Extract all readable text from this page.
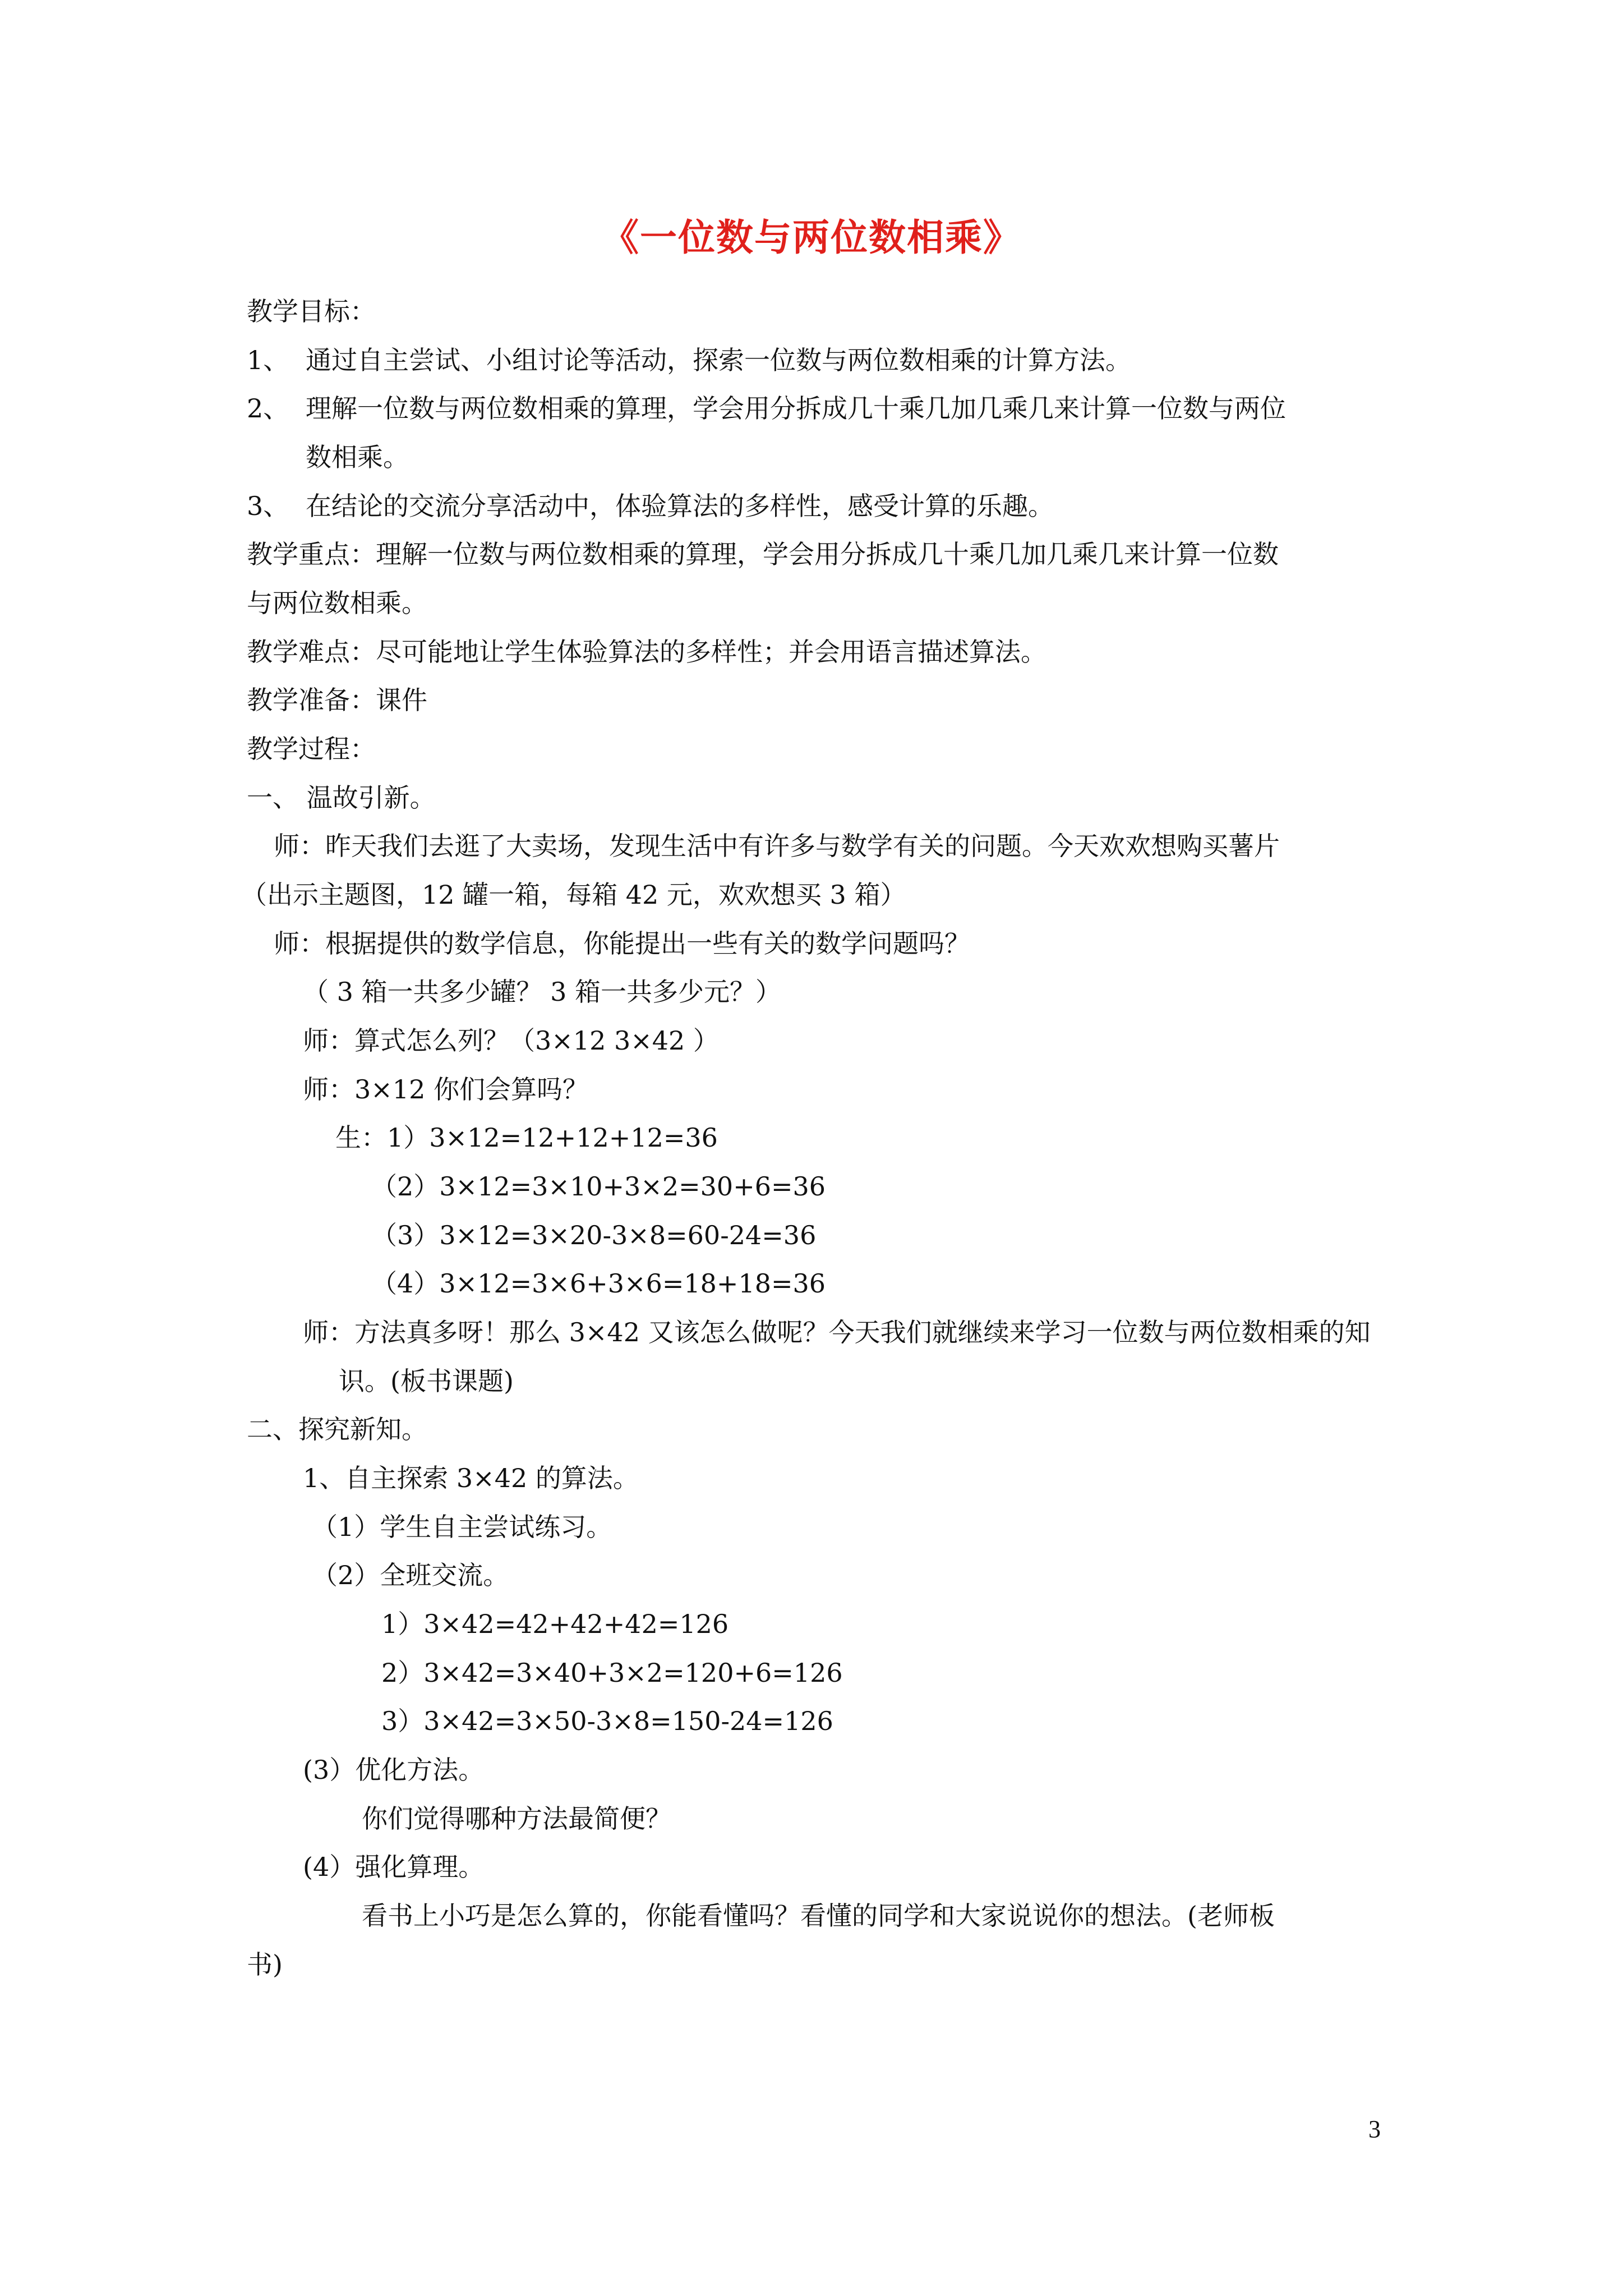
《一位数与两位数相乘》
教学目标：
1、 通过自主尝试、小组讨论等活动，探索一位数与两位数相乘的计算方法。
2、 理解一位数与两位数相乘的算理，学会用分拆成几十乘几加几乘几来计算一位数与两位
数相乘。
3、 在结论的交流分享活动中，体验算法的多样性，感受计算的乐趣。
教学重点：理解一位数与两位数相乘的算理，学会用分拆成几十乘几加几乘几来计算一位数
与两位数相乘。
教学难点：尽可能地让学生体验算法的多样性；并会用语言描述算法。
教学准备：课件
教学过程：
一、 温故引新。
师：昨天我们去逛了大卖场，发现生活中有许多与数学有关的问题。今天欢欢想购买薯片
（出示主题图，12 罐一箱，每箱 42 元，欢欢想买 3 箱）
师：根据提供的数学信息，你能提出一些有关的数学问题吗？
（ 3 箱一共多少罐？ 3 箱一共多少元？）
师：算式怎么列？（3×12 3×42 ）
师：3×12 你们会算吗？
生：1）3×12=12+12+12=36
（2）3×12=3×10+3×2=30+6=36
（3）3×12=3×20-3×8=60-24=36
（4）3×12=3×6+3×6=18+18=36
师：方法真多呀！那么 3×42 又该怎么做呢？今天我们就继续来学习一位数与两位数相乘的知
识。(板书课题)
二、探究新知。
1、自主探索 3×42 的算法。
（1）学生自主尝试练习。
（2）全班交流。
1）3×42=42+42+42=126
2）3×42=3×40+3×2=120+6=126
3）3×42=3×50-3×8=150-24=126
(3）优化方法。
你们觉得哪种方法最简便？
(4）强化算理。
看书上小巧是怎么算的，你能看懂吗？看懂的同学和大家说说你的想法。(老师板
书)
3
